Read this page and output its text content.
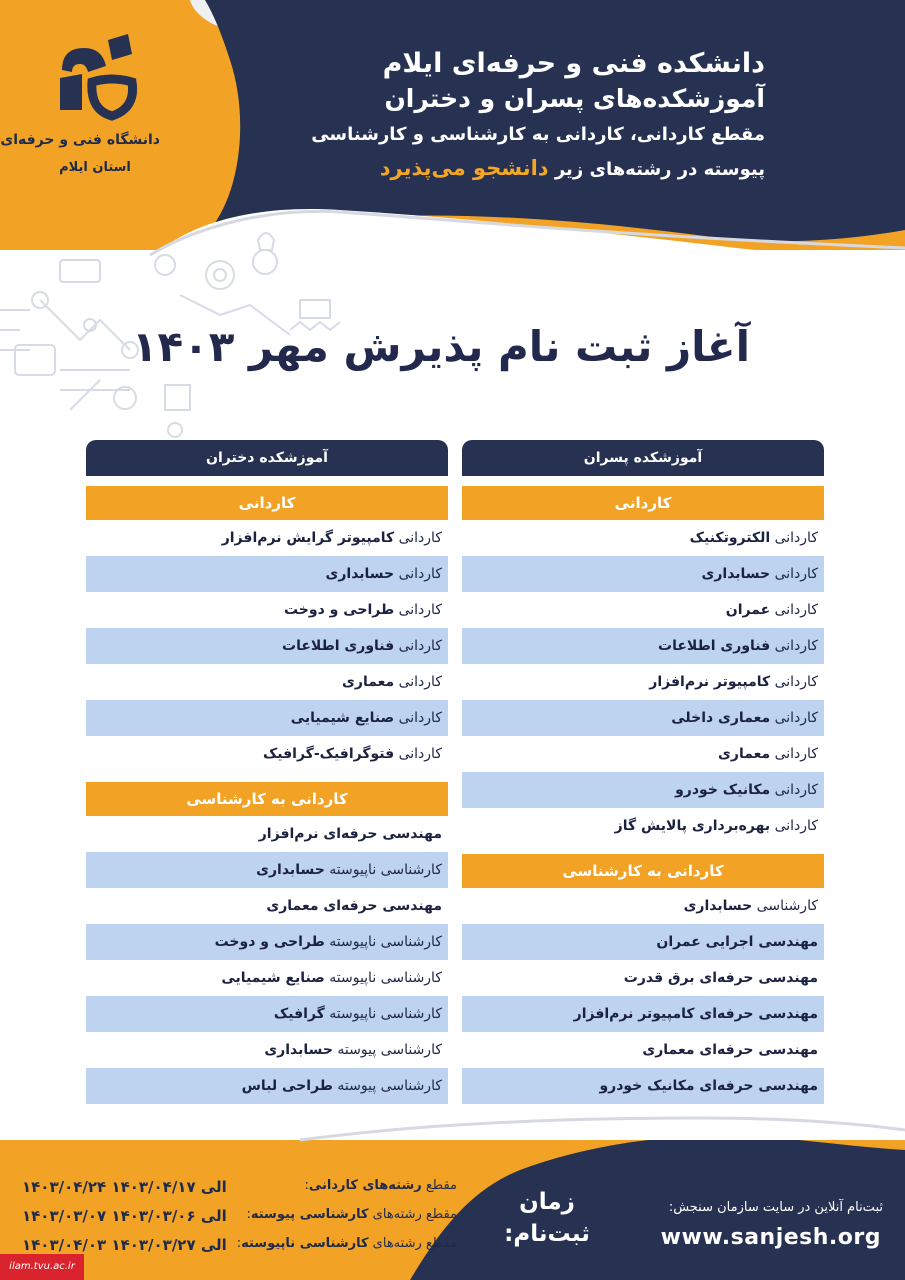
دانشگاه فنی و حرفه‌ای
استان ایلام
دانشکده فنی و حرفه‌ای ایلام
آموزشکده‌های پسران و دختران
مقطع کاردانی، کاردانی به کارشناسی و کارشناسی
پیوسته در رشته‌های زیر دانشجو می‌پذیرد
آغاز ثبت نام پذیرش مهر ۱۴۰۳
آموزشکده پسران
کاردانی
کاردانی الکتروتکنیک
کاردانی حسابداری
کاردانی عمران
کاردانی فناوری اطلاعات
کاردانی کامپیوتر نرم‌افزار
کاردانی معماری داخلی
کاردانی معماری
کاردانی مکانیک خودرو
کاردانی بهره‌برداری پالایش گاز
کاردانی به کارشناسی
کارشناسی حسابداری
مهندسی اجرایی عمران
مهندسی حرفه‌ای برق قدرت
مهندسی حرفه‌ای کامپیوتر نرم‌افزار
مهندسی حرفه‌ای معماری
مهندسی حرفه‌ای مکانیک خودرو
آموزشکده دختران
کاردانی
کاردانی کامپیوتر گرایش نرم‌افزار
کاردانی حسابداری
کاردانی طراحی و دوخت
کاردانی فناوری اطلاعات
کاردانی معماری
کاردانی صنایع شیمیایی
کاردانی فتوگرافیک-گرافیک
کاردانی به کارشناسی
مهندسی حرفه‌ای نرم‌افزار
کارشناسی ناپیوسته حسابداری
مهندسی حرفه‌ای معماری
کارشناسی ناپیوسته طراحی و دوخت
کارشناسی ناپیوسته صنایع شیمیایی
کارشناسی ناپیوسته گرافیک
کارشناسی پیوسته حسابداری
کارشناسی پیوسته طراحی لباس
مقطع رشته‌های کاردانی:
۱۴۰۳/۰۴/۲۴ الی ۱۴۰۳/۰۴/۱۷
مقطع رشته‌های کارشناسی پیوسته:
۱۴۰۳/۰۳/۰۷ الی ۱۴۰۳/۰۳/۰۶
مقطع رشته‌های کارشناسی ناپیوسته:
۱۴۰۳/۰۴/۰۳ الی ۱۴۰۳/۰۳/۲۷
زمان
ثبت‌نام:
ثبت‌نام آنلاین در سایت سازمان سنجش:
www.sanjesh.org
ilam.tvu.ac.ir
